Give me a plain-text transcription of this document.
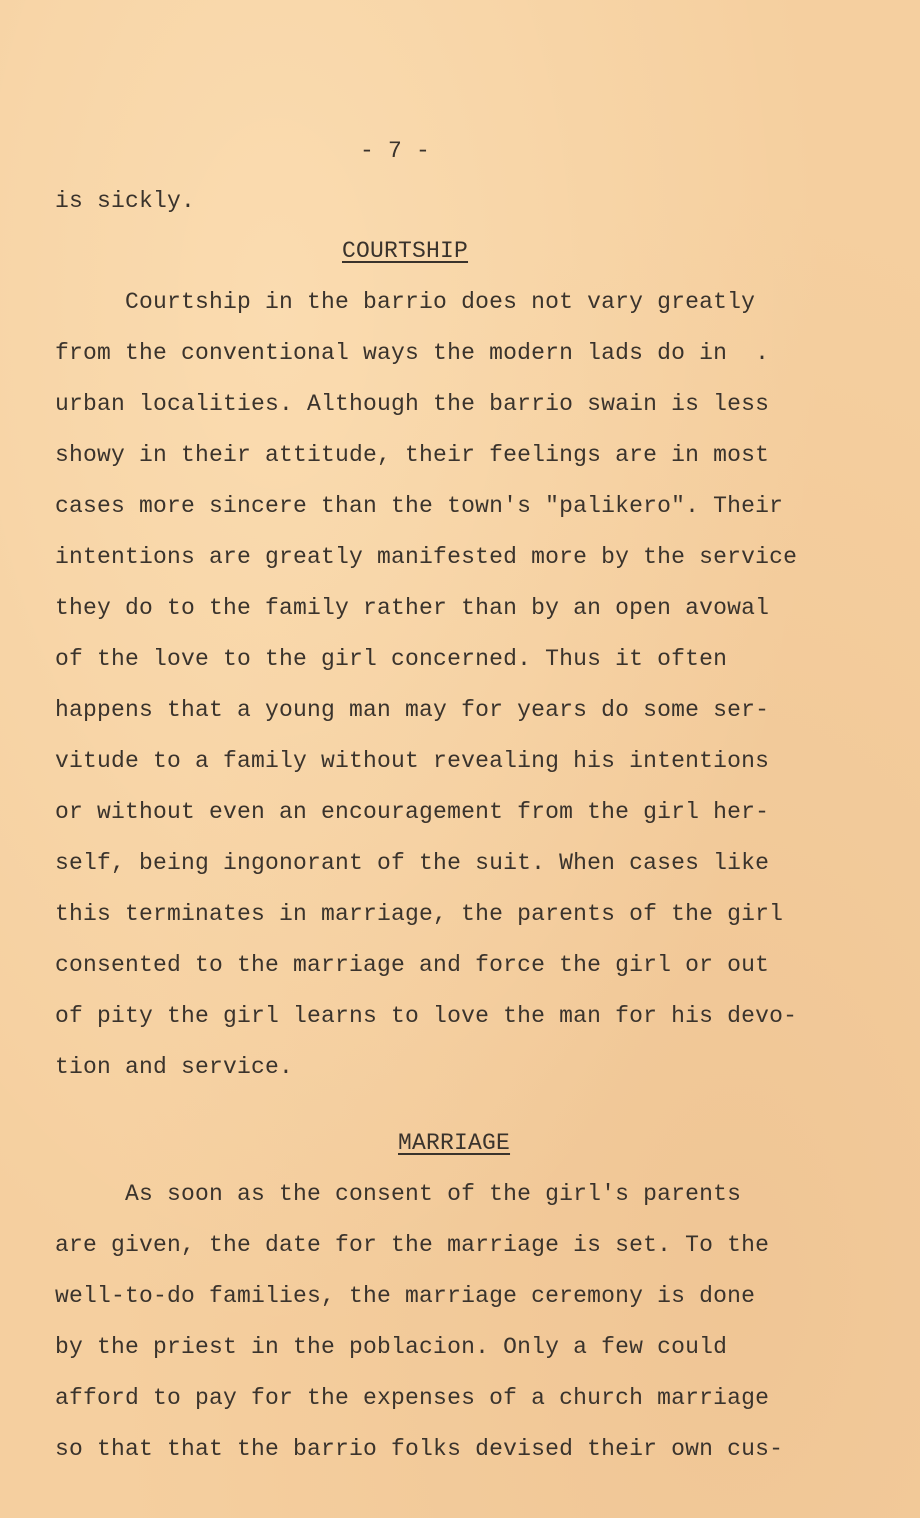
- 7 -
is sickly.
COURTSHIP
Courtship in the barrio does not vary greatly
from the conventional ways the modern lads do in  .
urban localities. Although the barrio swain is less
showy in their attitude, their feelings are in most
cases more sincere than the town's "palikero". Their
intentions are greatly manifested more by the service
they do to the family rather than by an open avowal
of the love to the girl concerned. Thus it often
happens that a young man may for years do some ser-
vitude to a family without revealing his intentions
or without even an encouragement from the girl her-
self, being ingonorant of the suit. When cases like
this terminates in marriage, the parents of the girl
consented to the marriage and force the girl or out
of pity the girl learns to love the man for his devo-
tion and service.
MARRIAGE
As soon as the consent of the girl's parents
are given, the date for the marriage is set. To the
well-to-do families, the marriage ceremony is done
by the priest in the poblacion. Only a few could
afford to pay for the expenses of a church marriage
so that that the barrio folks devised their own cus-
